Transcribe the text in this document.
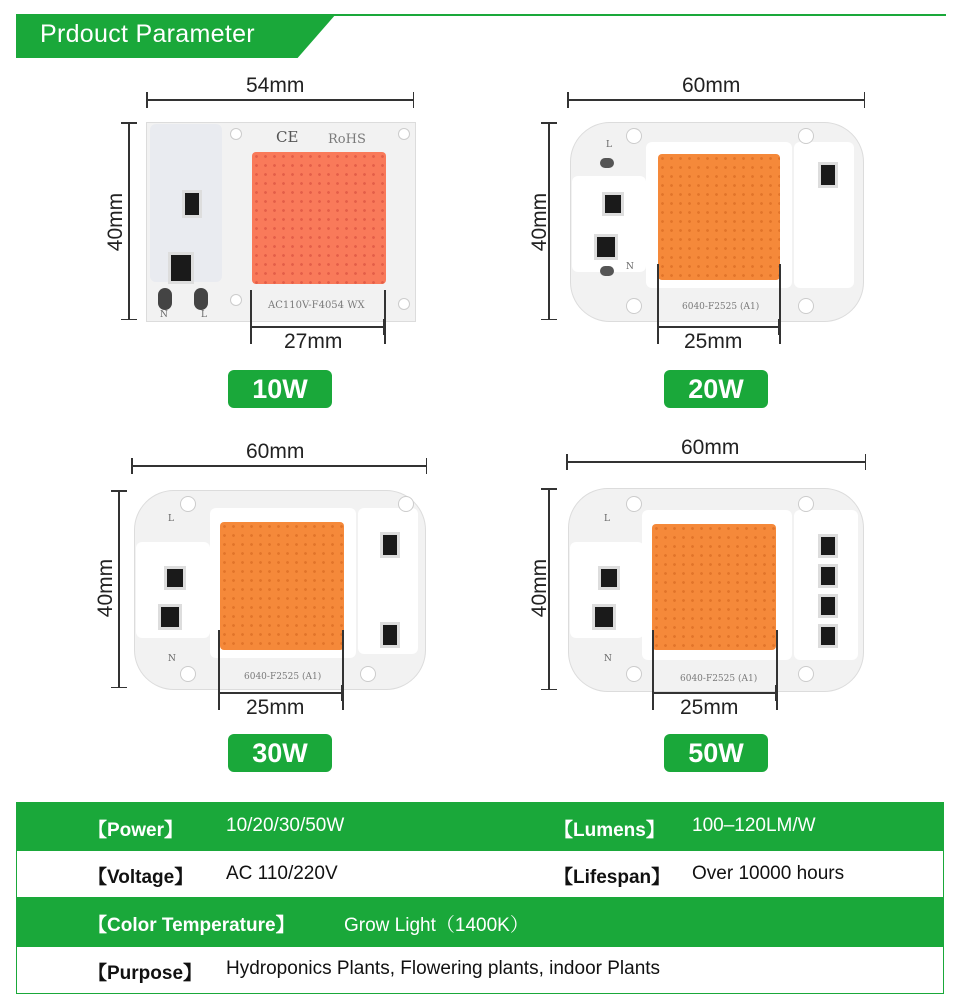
Prdouct Parameter
54mm
40mm
N	L
CE RoHS
AC110V-F4054 WX
27mm
10W
60mm
40mm
N
L
6040-F2525 (A1)
25mm
20W
60mm
40mm
N
L
6040-F2525 (A1)
25mm
30W
60mm
40mm
N
L
6040-F2525 (A1)
25mm
50W
【Power】 10/20/30/50W	【Lumens】 100–120LM/W
【Voltage】 AC 110/220V	【Lifespan】 Over 10000 hours
【Color Temperature】	Grow Light（1400K）
【Purpose】 Hydroponics Plants, Flowering plants, indoor Plants
